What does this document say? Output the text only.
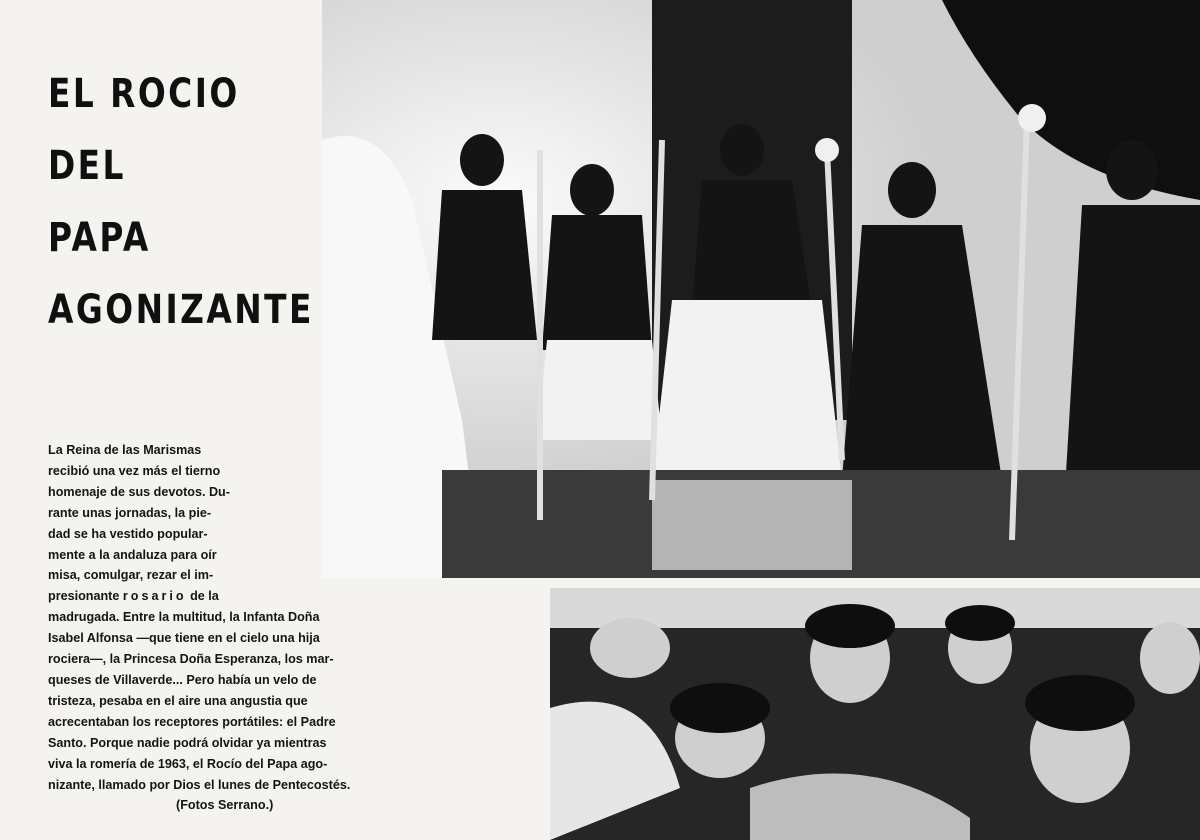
EL ROCIO
DEL
PAPA
AGONIZANTE
La Reina de las Marismas
recibió una vez más el tierno
homenaje de sus devotos. Du-
rante unas jornadas, la pie-
dad se ha vestido popular-
mente a la andaluza para oír
misa, comulgar, rezar el im-
presionante rosario de la
madrugada. Entre la multitud, la Infanta Doña
Isabel Alfonsa —que tiene en el cielo una hija
rociera—, la Princesa Doña Esperanza, los mar-
queses de Villaverde... Pero había un velo de
tristeza, pesaba en el aire una angustia que
acrecentaban los receptores portátiles: el Padre
Santo. Porque nadie podrá olvidar ya mientras
viva la romería de 1963, el Rocío del Papa ago-
nizante, llamado por Dios el lunes de Pentecostés.
(Fotos Serrano.)
